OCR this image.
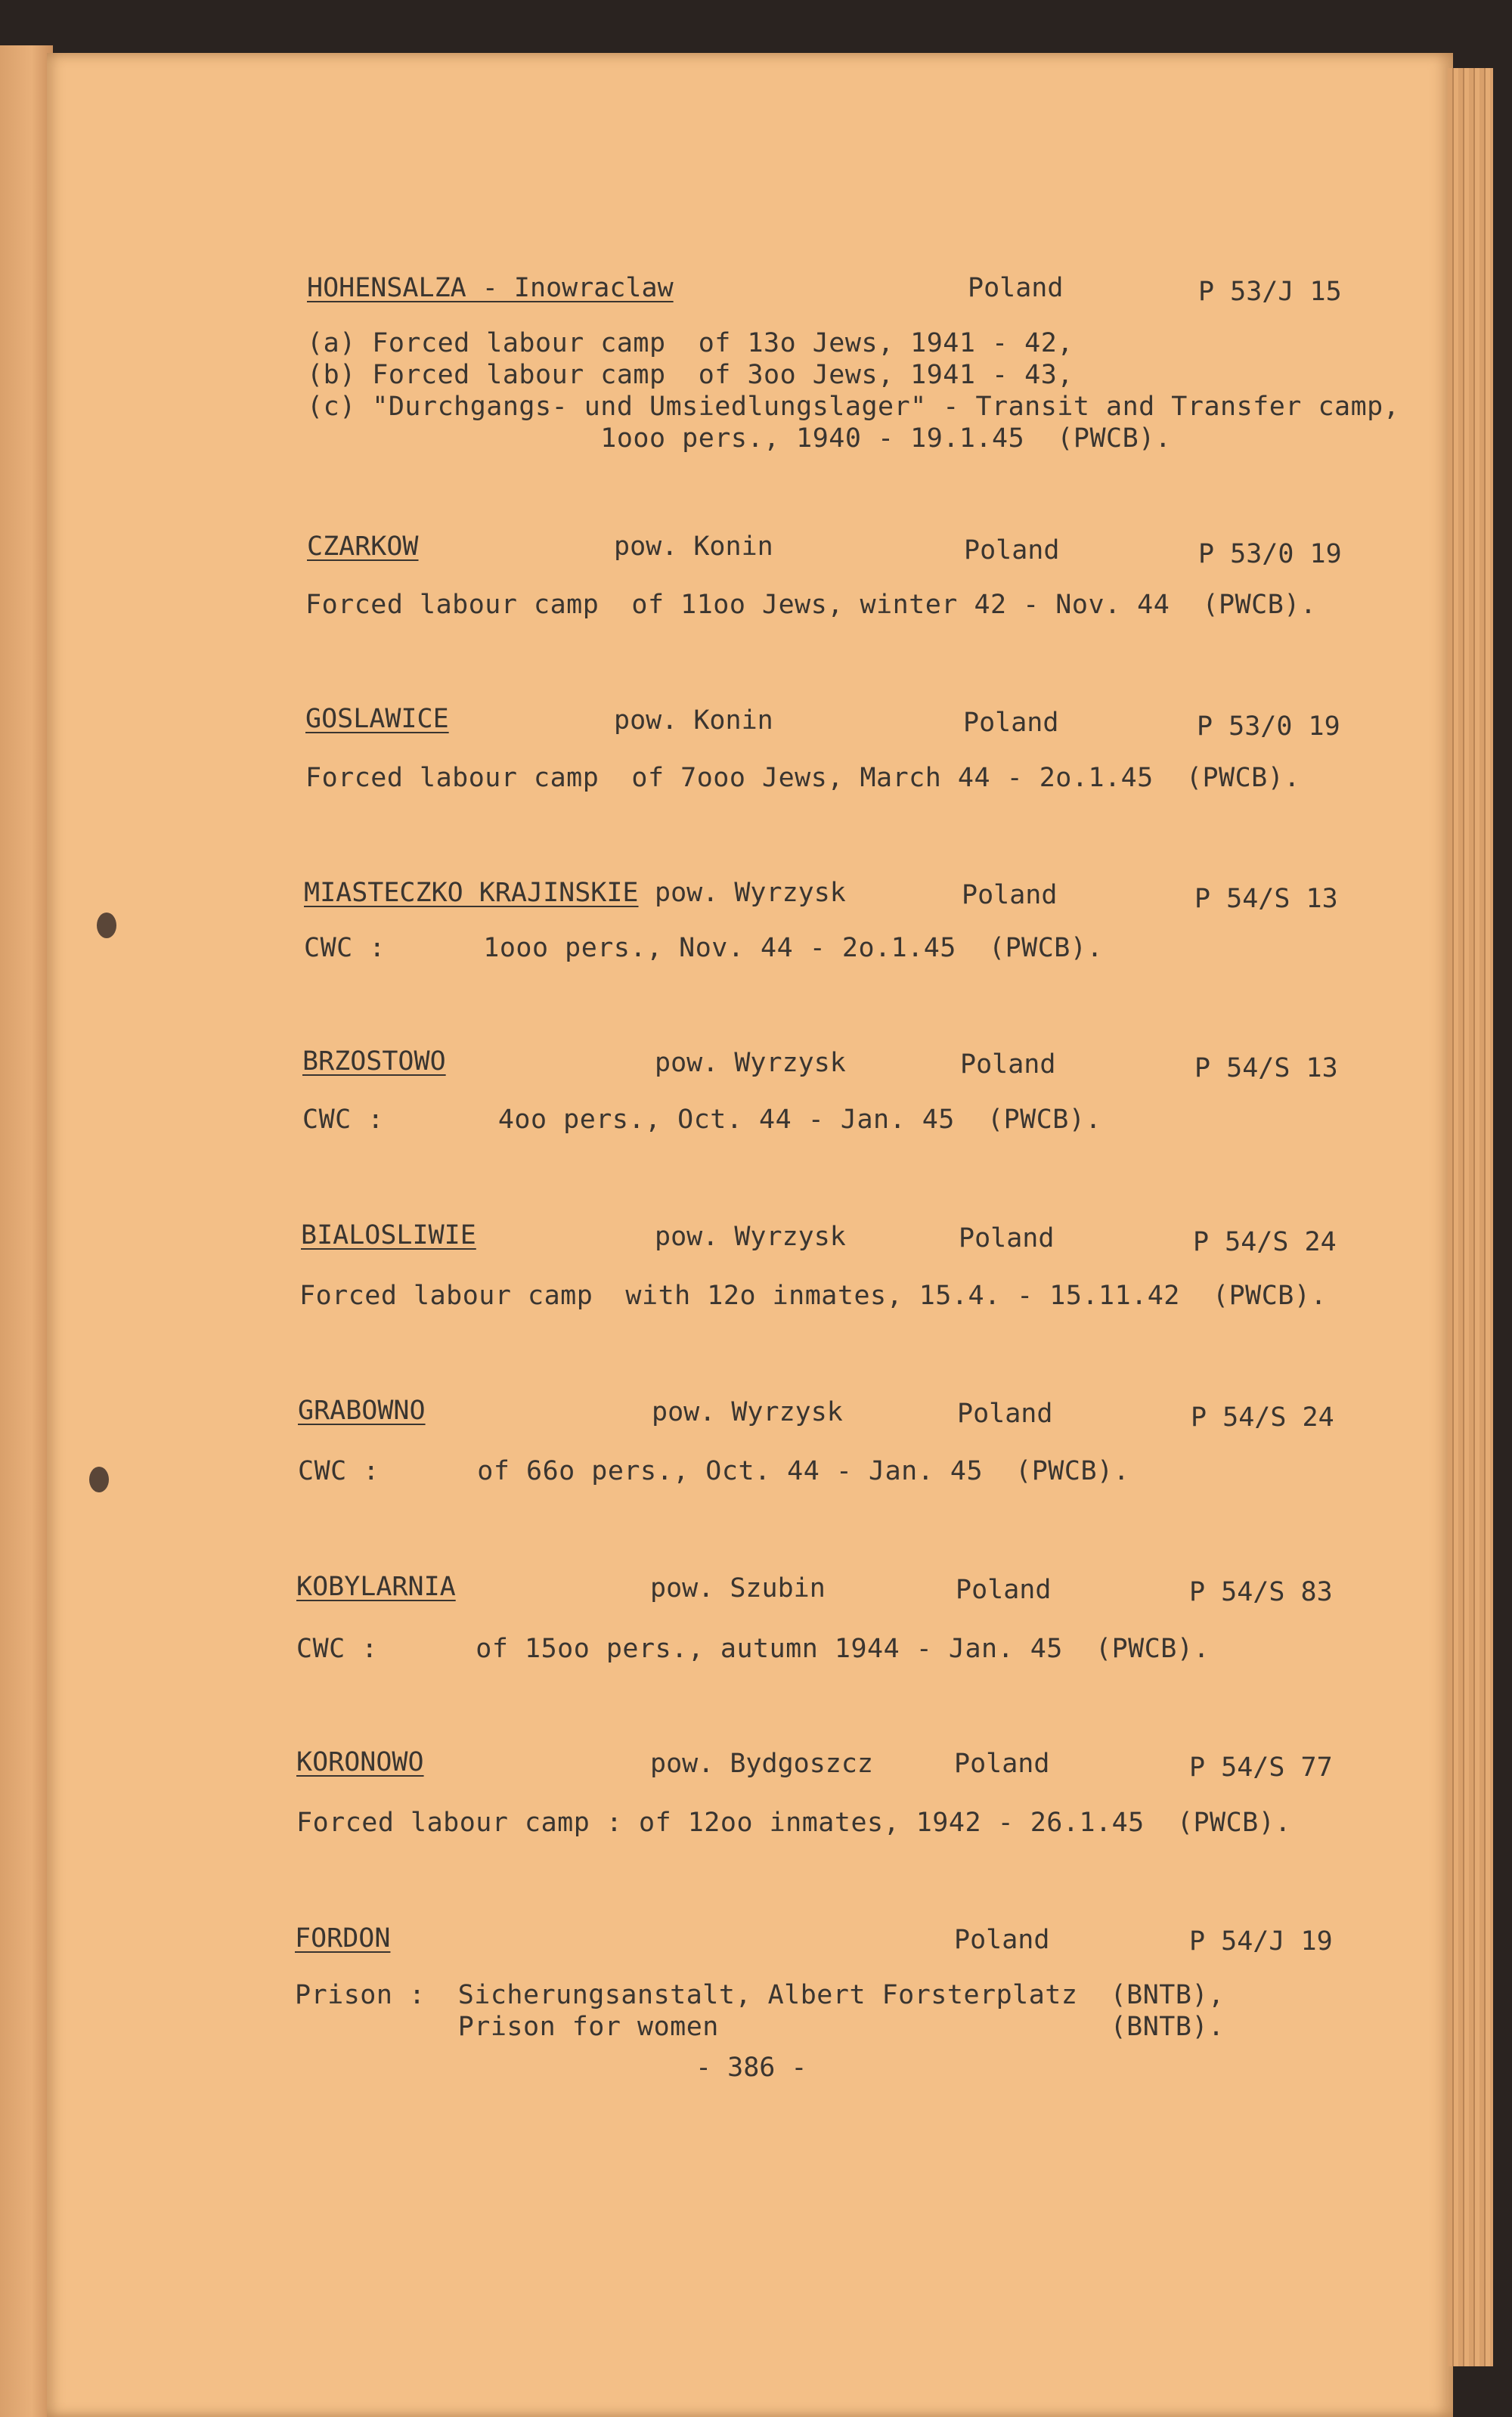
HOHENSALZA - Inowraclaw	Poland	P 53/J 15
(a) Forced labour camp  of 13o Jews, 1941 - 42,
(b) Forced labour camp  of 3oo Jews, 1941 - 43,
(c) "Durchgangs- und Umsiedlungslager" - Transit and Transfer camp,
1ooo pers., 1940 - 19.1.45  (PWCB).
CZARKOW	pow. Konin	Poland	P 53/0 19
Forced labour camp  of 11oo Jews, winter 42 - Nov. 44  (PWCB).
GOSLAWICE	pow. Konin	Poland	P 53/0 19
Forced labour camp  of 7ooo Jews, March 44 - 2o.1.45  (PWCB).
MIASTECZKO KRAJINSKIE pow. Wyrzysk	Poland	P 54/S 13
CWC :      1ooo pers., Nov. 44 - 2o.1.45  (PWCB).
BRZOSTOWO	pow. Wyrzysk	Poland	P 54/S 13
CWC :       4oo pers., Oct. 44 - Jan. 45  (PWCB).
BIALOSLIWIE	pow. Wyrzysk	Poland	P 54/S 24
Forced labour camp  with 12o inmates, 15.4. - 15.11.42  (PWCB).
GRABOWNO	pow. Wyrzysk	Poland	P 54/S 24
CWC :      of 66o pers., Oct. 44 - Jan. 45  (PWCB).
KOBYLARNIA	pow. Szubin	Poland	P 54/S 83
CWC :      of 15oo pers., autumn 1944 - Jan. 45  (PWCB).
KORONOWO	pow. Bydgoszcz	Poland	P 54/S 77
Forced labour camp : of 12oo inmates, 1942 - 26.1.45  (PWCB).
FORDON	Poland	P 54/J 19
Prison :  Sicherungsanstalt, Albert Forsterplatz  (BNTB),
Prison for women                        (BNTB).
- 386 -
